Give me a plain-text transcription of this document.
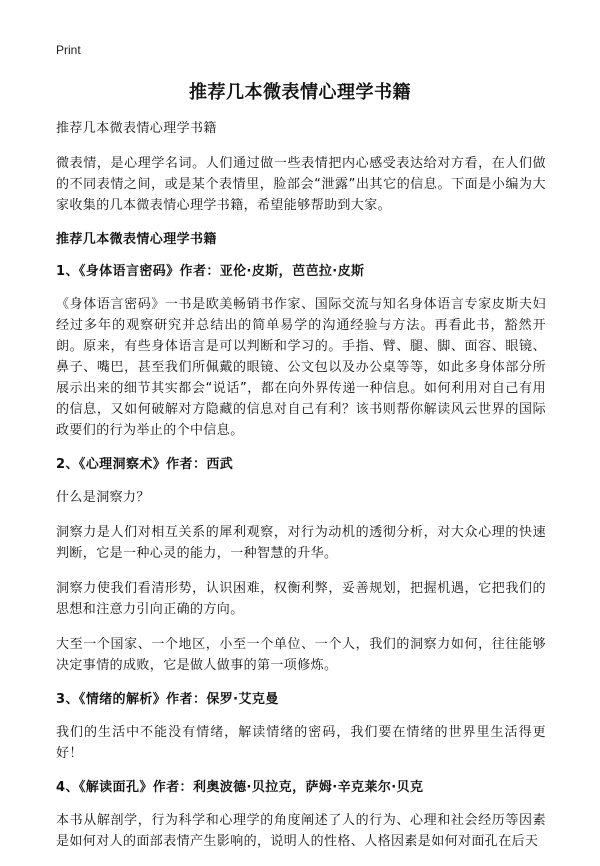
Print
推荐几本微表情心理学书籍

推荐几本微表情心理学书籍

微表情，是心理学名词。人们通过做一些表情把内心感受表达给对方看，在人们做的不同表情之间，或是某个表情里，脸部会“泄露”出其它的信息。下面是小编为大家收集的几本微表情心理学书籍，希望能够帮助到大家。

推荐几本微表情心理学书籍

1、《身体语言密码》作者：亚伦·皮斯，芭芭拉·皮斯

《身体语言密码》一书是欧美畅销书作家、国际交流与知名身体语言专家皮斯夫妇经过多年的观察研究并总结出的简单易学的沟通经验与方法。再看此书，豁然开朗。原来，有些身体语言是可以判断和学习的。手指、臂、腿、脚、面容、眼镜、鼻子、嘴巴，甚至我们所佩戴的眼镜、公文包以及办公桌等等，如此多身体部分所展示出来的细节其实都会“说话”，都在向外界传递一种信息。如何利用对自己有用的信息，又如何破解对方隐藏的信息对自己有利？该书则帮你解读风云世界的国际政要们的行为举止的个中信息。

2、《心理洞察术》作者：西武

什么是洞察力？

洞察力是人们对相互关系的犀利观察，对行为动机的透彻分析，对大众心理的快速判断，它是一种心灵的能力，一种智慧的升华。

洞察力使我们看清形势，认识困难，权衡利弊，妥善规划，把握机遇，它把我们的思想和注意力引向正确的方向。

大至一个国家、一个地区，小至一个单位、一个人，我们的洞察力如何，往往能够决定事情的成败，它是做人做事的第一项修炼。

3、《情绪的解析》作者：保罗·艾克曼

我们的生活中不能没有情绪，解读情绪的密码，我们要在情绪的世界里生活得更好！

4、《解读面孔》作者：利奥波德·贝拉克，萨姆·辛克莱尔·贝克

本书从解剖学，行为科学和心理学的角度阐述了人的行为、心理和社会经历等因素是如何对人的面部表情产生影响的，说明人的性格、人格因素是如何对面孔在后天
